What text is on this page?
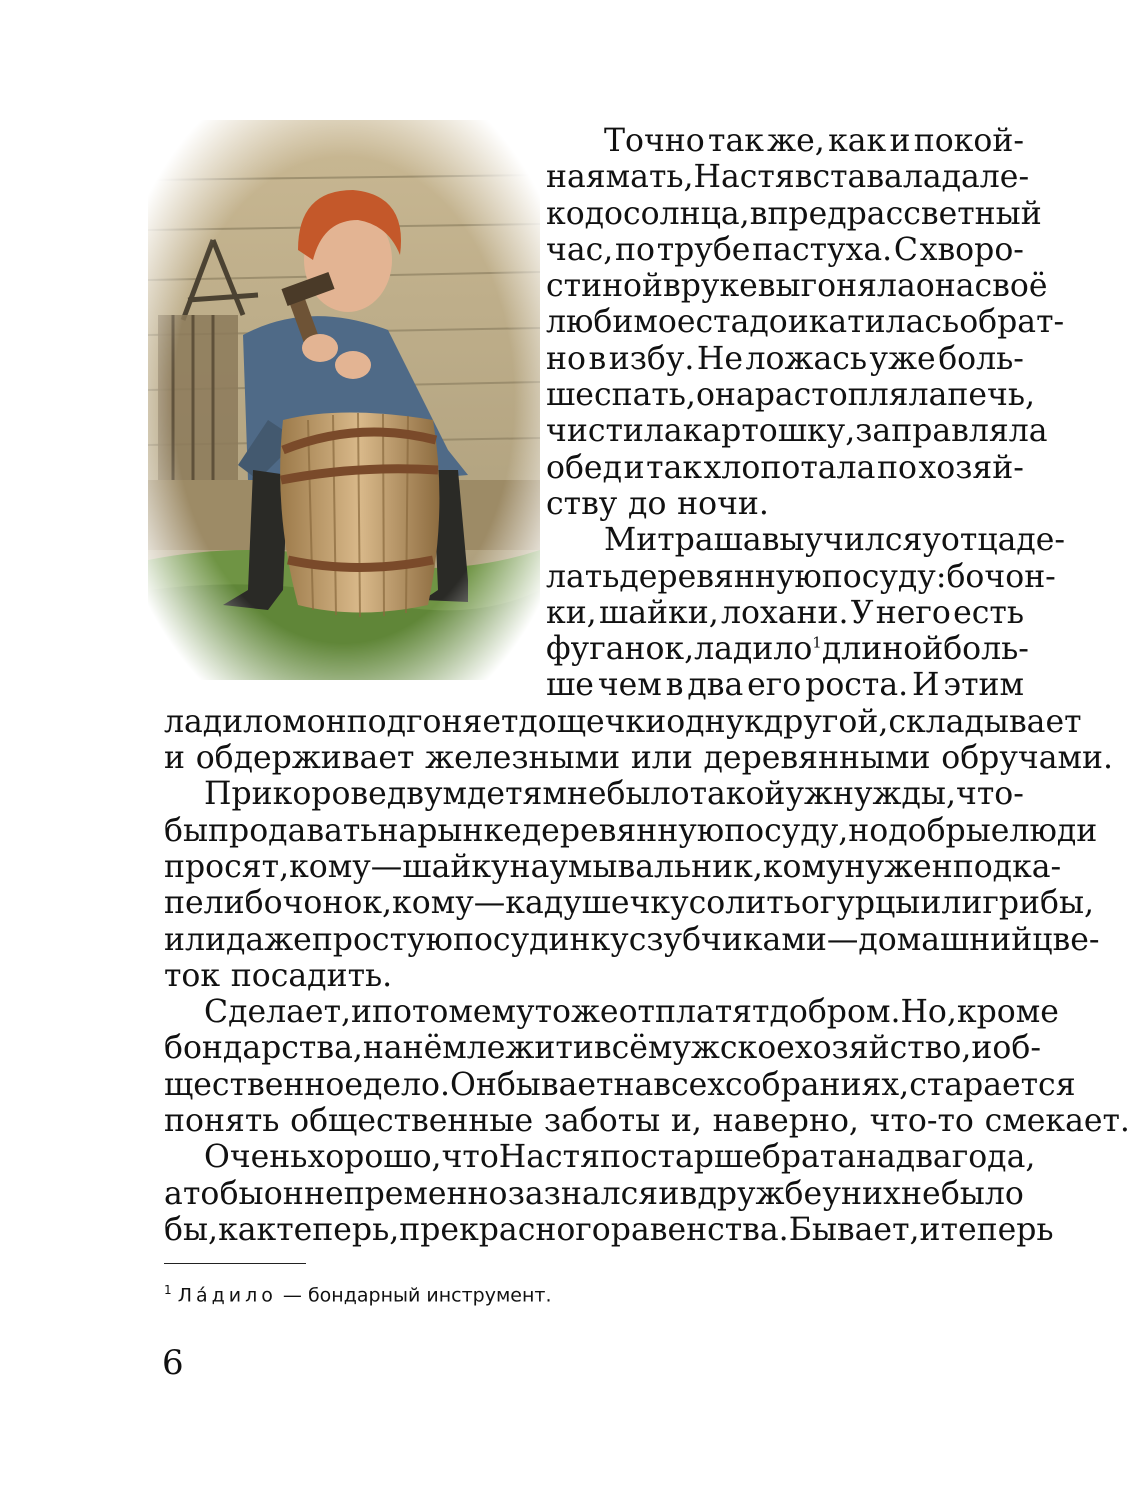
Точно так же, как и покой-
ная мать, Настя вставала дале-
ко до солнца, в предрассветный
час, по трубе пастуха. С хворо-
стиной в руке выгоняла она своё
любимое стадо и катилась обрат-
но в избу. Не ложась уже боль-
ше спать, она растопляла печь,
чистила картошку, заправляла
обед и так хлопотала по хозяй-
ству до ночи.
Митраша выучился у отца де-
лать деревянную посуду: бочон-
ки, шайки, лохани. У него есть
фуганок, ладило$^1$ длиной боль-
ше чем в два его роста. И этим
ладилом он подгоняет дощечки одну к другой, складывает
и обдерживает железными или деревянными обручами.
При корове двум детям не было такой уж нужды, что-
бы продавать на рынке деревянную посуду, но добрые люди
просят, кому — шайку на умывальник, кому нужен под ка-
пели бочонок, кому — кадушечку солить огурцы или грибы,
или даже простую посудинку с зубчиками — домашний цве-
ток посадить.
Сделает, и потом ему тоже отплатят добром. Но, кроме
бондарства, на нём лежит и всё мужское хозяйство, и об-
щественное дело. Он бывает на всех собраниях, старается
понять общественные заботы и, наверно, что-то смекает.
Очень хорошо, что Настя постарше брата на два года,
а то бы он непременно зазнался и в дружбе у них не было
бы, как теперь, прекрасного равенства. Бывает, и теперь
$^1$ Ла́дило — бондарный инструмент.
6
